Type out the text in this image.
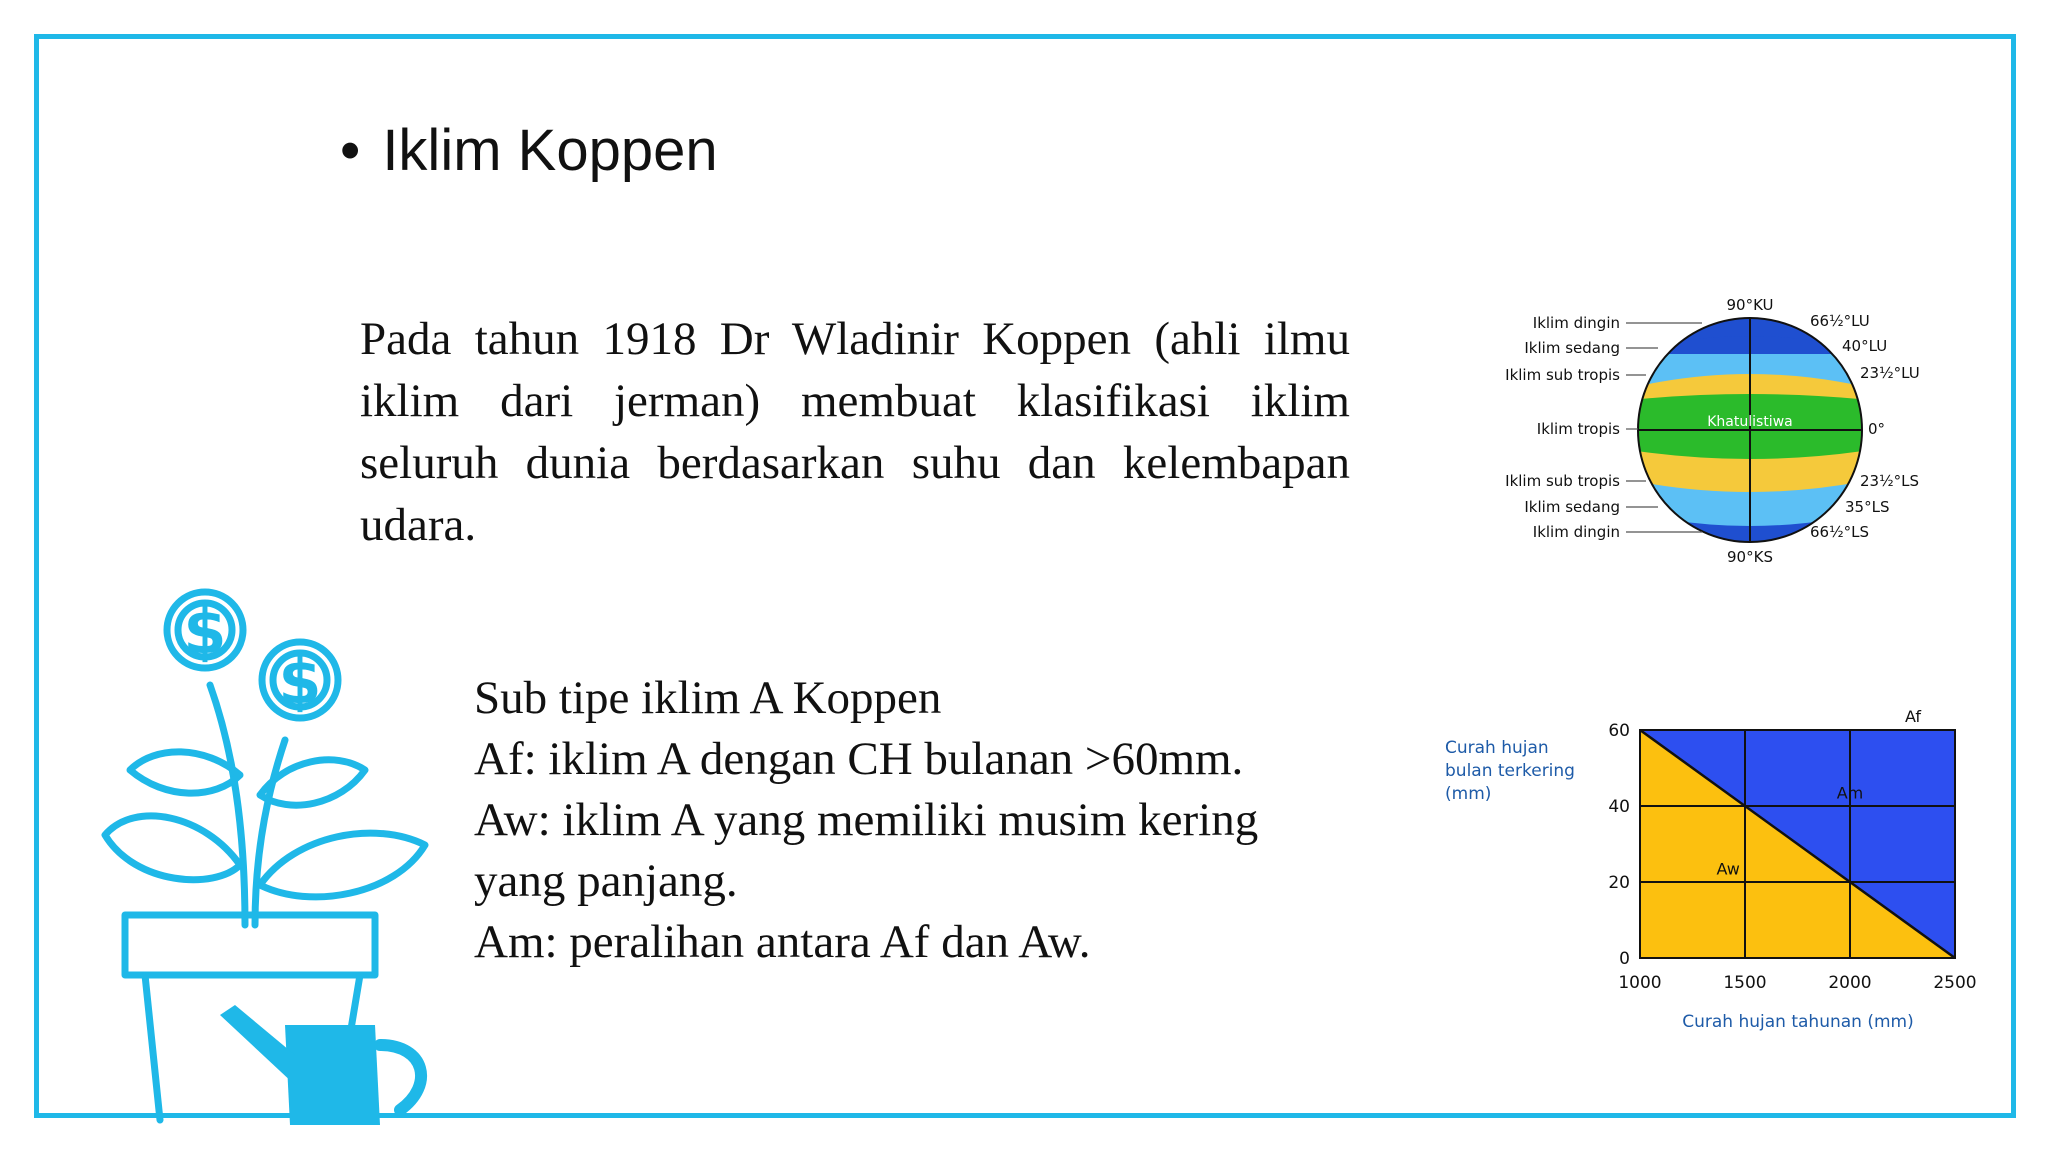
• Iklim Koppen
Pada tahun 1918 Dr Wladinir Koppen (ahli ilmu iklim dari jerman) membuat klasifikasi iklim seluruh dunia berdasarkan suhu dan kelembapan udara.
Sub tipe iklim A Koppen
Af: iklim A dengan CH bulanan >60mm.
Aw: iklim A yang memiliki musim kering
yang panjang.
Am: peralihan antara Af dan Aw.
$
$
Khatulistiwa
90°KU
90°KS
Iklim dingin
Iklim sedang
Iklim sub tropis
Iklim tropis
Iklim sub tropis
Iklim sedang
Iklim dingin
66½°LU
40°LU
23½°LU
0°
23½°LS
35°LS
66½°LS
1000	1500	2000	2500
0
20
40
60
Af
Am
Aw
Curah hujan
bulan terkering
(mm)
Curah hujan tahunan (mm)
